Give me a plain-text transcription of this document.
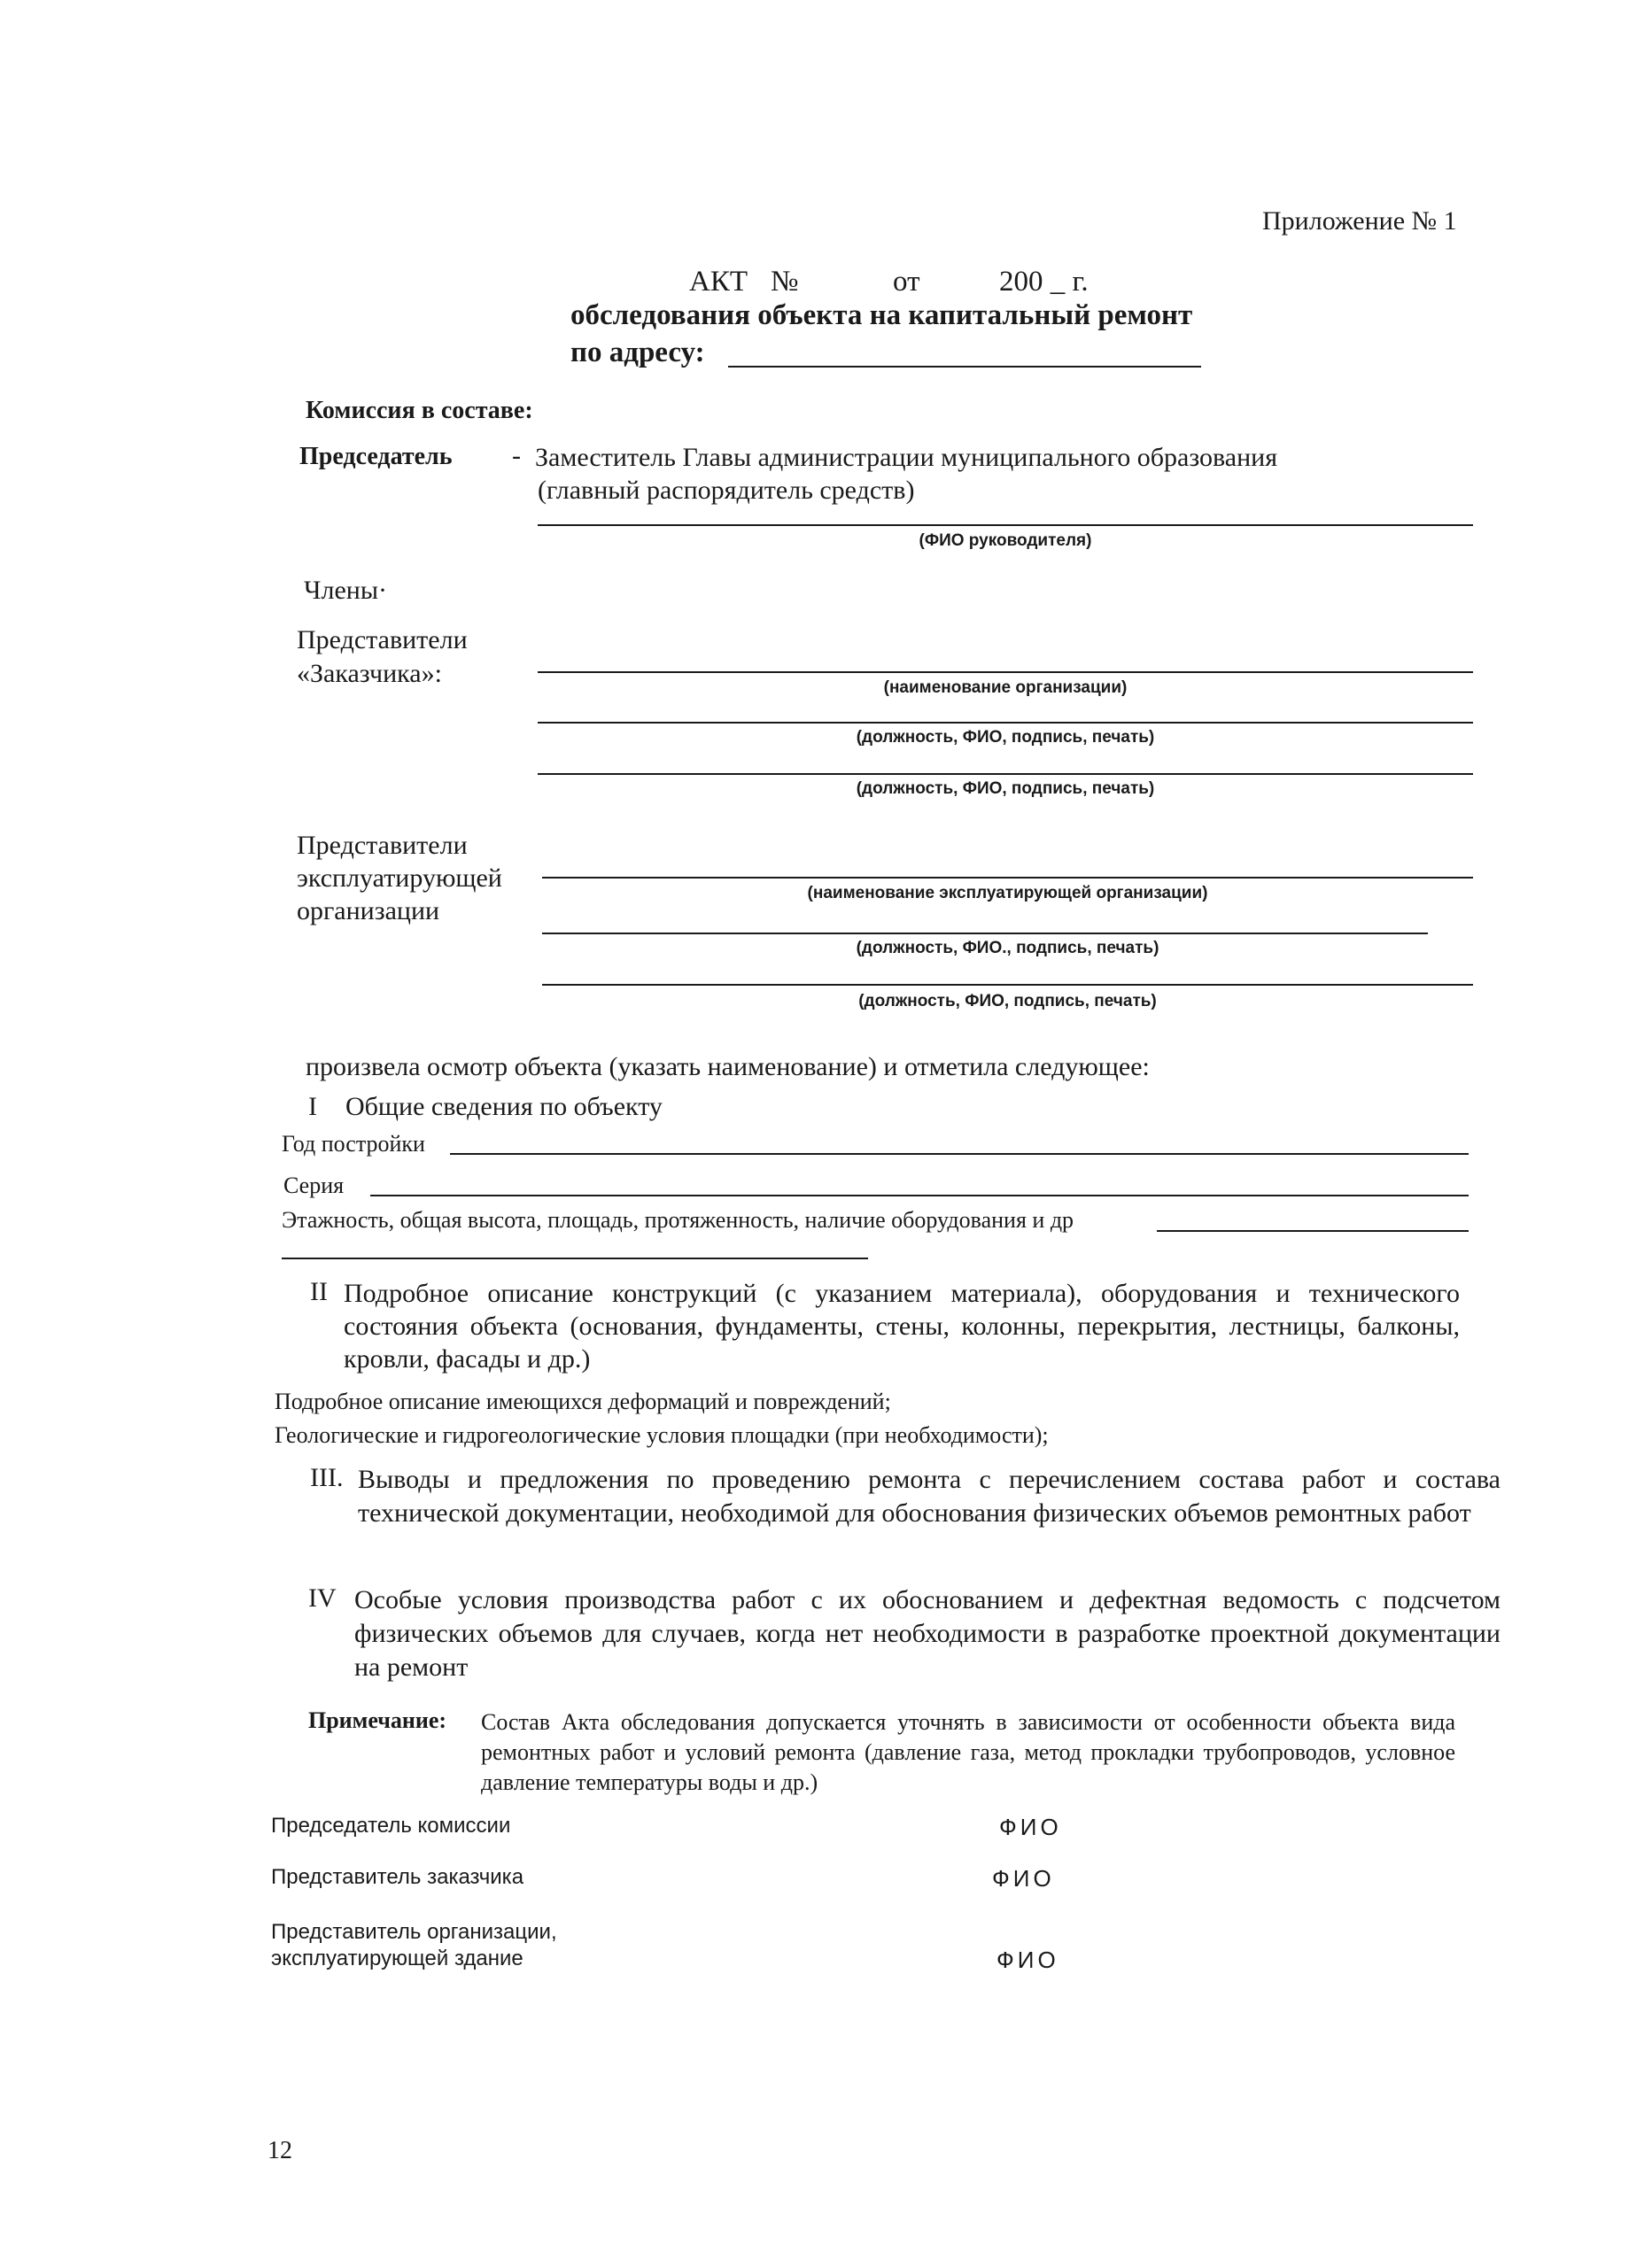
Приложение № 1
АКТ №	от	200 _ г.
обследования объекта на капитальный ремонт
по адресу:
Комиссия в составе:
Председатель - Заместитель Главы администрации муниципального образования
(главный распорядитель средств)
(ФИО руководителя)
Члены·
Представители
«Заказчика»:	(наименование организации)
(должность, ФИО, подпись, печать)
(должность, ФИО, подпись, печать)
Представители
эксплуатирующей
организации
(наименование эксплуатирующей организации)
(должность, ФИО., подпись, печать)
(должность, ФИО, подпись, печать)
произвела осмотр объекта (указать наименование) и отметила следующее:
I Общие сведения по объекту
Год постройки
Серия
Этажность, общая высота, площадь, протяженность, наличие оборудования и др
II Подробное описание конструкций (с указанием материала), оборудования и технического состояния объекта (основания, фундаменты, стены, колонны, перекрытия, лестницы, балконы, кровли, фасады и др.)
Подробное описание имеющихся деформаций и повреждений;
Геологические и гидрогеологические условия площадки (при необходимости);
III. Выводы и предложения по проведению ремонта с перечислением состава работ и состава технической документации, необходимой для обоснования физических объемов ремонтных работ
IV Особые условия производства работ с их обоснованием и дефектная ведомость с подсчетом физических объемов для случаев, когда нет необходимости в разработке проектной документации на ремонт
Примечание: Состав Акта обследования допускается уточнять в зависимости от особенности объекта вида ремонтных работ и условий ремонта (давление газа, метод прокладки трубопроводов, условное давление температуры воды и др.)
Председатель комиссии	ФИО
Представитель заказчика	ФИО
Представитель организации,
эксплуатирующей здание	ФИО
12
